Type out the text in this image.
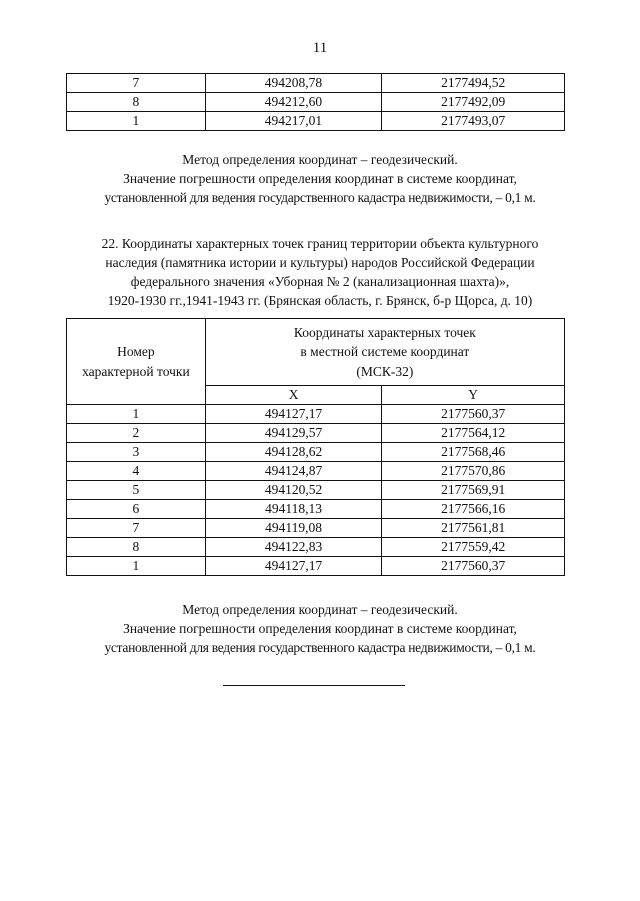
11
7	494208,78	2177494,52
8	494212,60	2177492,09
1	494217,01	2177493,07
Метод определения координат – геодезический.
Значение погрешности определения координат в системе координат,
установленной для ведения государственного кадастра недвижимости, – 0,1 м.
22. Координаты характерных точек границ территории объекта культурного
наследия (памятника истории и культуры) народов Российской Федерации
федерального значения «Уборная № 2 (канализационная шахта)»,
1920-1930 гг.,1941-1943 гг. (Брянская область, г. Брянск, б-р Щорса, д. 10)
Номер
характерной точки	Координаты характерных точек
в местной системе координат
(МСК-32)	
	X	Y
1	494127,17	2177560,37
2	494129,57	2177564,12
3	494128,62	2177568,46
4	494124,87	2177570,86
5	494120,52	2177569,91
6	494118,13	2177566,16
7	494119,08	2177561,81
8	494122,83	2177559,42
1	494127,17	2177560,37
Метод определения координат – геодезический.
Значение погрешности определения координат в системе координат,
установленной для ведения государственного кадастра недвижимости, – 0,1 м.
